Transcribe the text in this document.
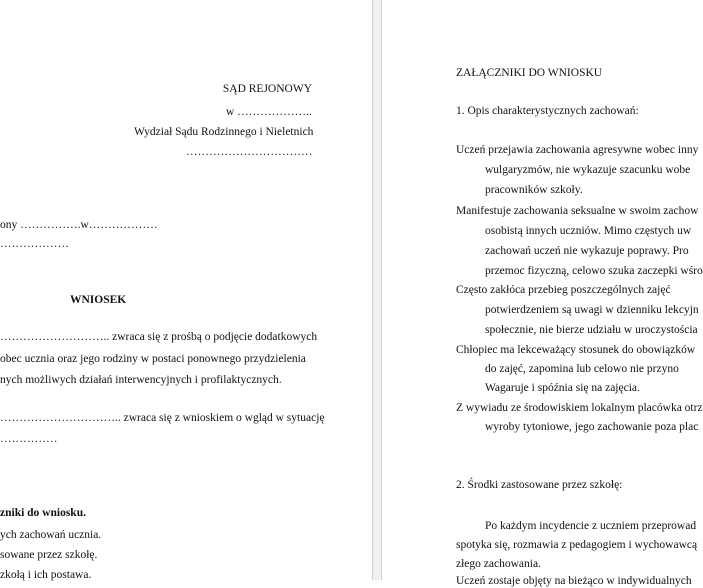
SĄD REJONOWY
w ………………..
Wydział Sądu Rodzinnego i Nieletnich
……………………………
ony …………….w………………
………………
WNIOSEK
……………………….. zwraca się z prośbą o podjęcie dodatkowych
obec ucznia oraz jego rodziny w postaci ponownego przydzielenia
nych możliwych działań interwencyjnych i profilaktycznych.
………………………….. zwraca się z wnioskiem o wgląd w sytuację
……………
zniki do wniosku.
ych zachowań ucznia.
sowane przez szkołę.
zkołą i ich postawa.
ZAŁĄCZNIKI DO WNIOSKU
1. Opis charakterystycznych zachowań:
Uczeń przejawia zachowania agresywne wobec inny
wulgaryzmów, nie wykazuje szacunku wobe
pracowników szkoły.
Manifestuje zachowania seksualne w swoim zachow
osobistą innych uczniów. Mimo częstych uw
zachowań uczeń nie wykazuje poprawy. Pro
przemoc fizyczną, celowo szuka zaczepki wśro
Często zakłóca przebieg poszczególnych zajęć
potwierdzeniem są uwagi w dzienniku lekcyjn
społecznie, nie bierze udziału w uroczystościa
Chłopiec ma lekceważący stosunek do obowiązków
do zajęć, zapomina lub celowo nie przyno
Wagaruje i spóźnia się na zajęcia.
Z wywiadu ze środowiskiem lokalnym placówka otrz
wyroby tytoniowe, jego zachowanie poza plac
2. Środki zastosowane przez szkołę:
Po każdym incydencie z uczniem przeprowad
spotyka się, rozmawia z pedagogiem i wychowawcą
złego zachowania.
Uczeń zostaje objęty na bieżąco w indywidualnych
